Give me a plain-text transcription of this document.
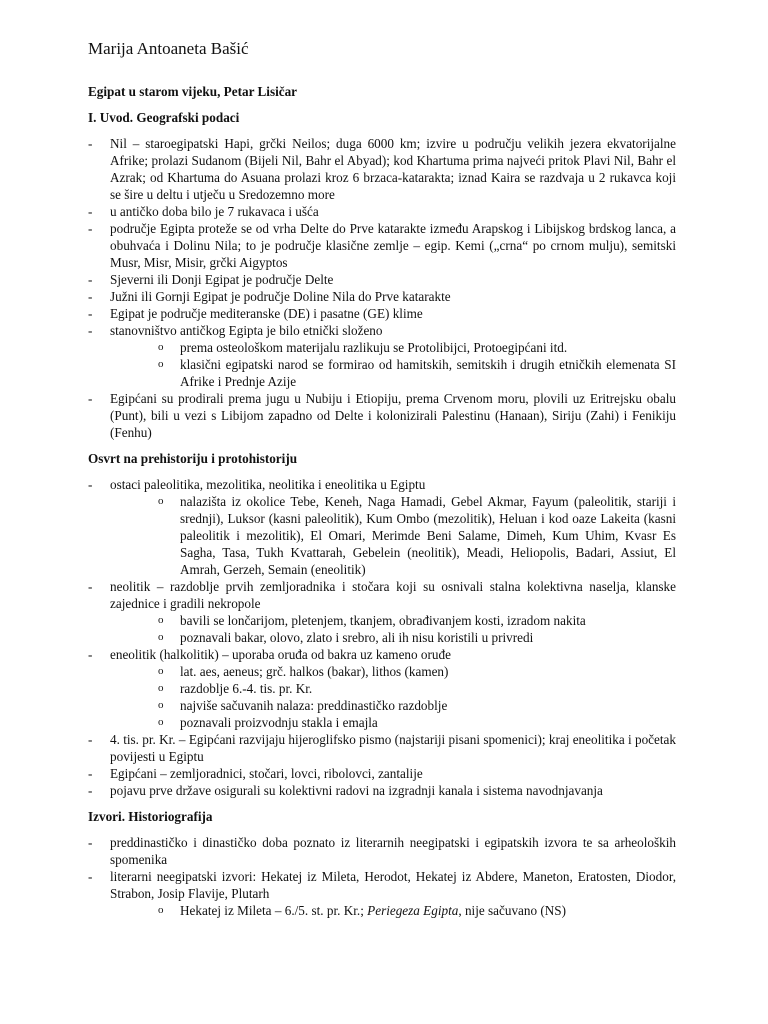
Marija Antoaneta Bašić
Egipat u starom vijeku, Petar Lisičar
I. Uvod. Geografski podaci
- Nil – staroegipatski Hapi, grčki Neilos; duga 6000 km; izvire u području velikih jezera ekvatorijalne Afrike; prolazi Sudanom (Bijeli Nil, Bahr el Abyad); kod Khartuma prima najveći pritok Plavi Nil, Bahr el Azrak; od Khartuma do Asuana prolazi kroz 6 brzaca-katarakta; iznad Kaira se razdvaja u 2 rukavca koji se šire u deltu i utječu u Sredozemno more
- u antičko doba bilo je 7 rukavaca i ušća
- područje Egipta proteže se od vrha Delte do Prve katarakte između Arapskog i Libijskog brdskog lanca, a obuhvaća i Dolinu Nila; to je područje klasične zemlje – egip. Kemi („crna“ po crnom mulju), semitski Musr, Misr, Misir, grčki Aigyptos
- Sjeverni ili Donji Egipat je područje Delte
- Južni ili Gornji Egipat je područje Doline Nila do Prve katarakte
- Egipat je područje mediteranske (DE) i pasatne (GE) klime
- stanovništvo antičkog Egipta je bilo etnički složeno
o prema osteološkom materijalu razlikuju se Protolibijci, Protoegipćani itd.
o klasični egipatski narod se formirao od hamitskih, semitskih i drugih etničkih elemenata SI Afrike i Prednje Azije
- Egipćani su prodirali prema jugu u Nubiju i Etiopiju, prema Crvenom moru, plovili uz Eritrejsku obalu (Punt), bili u vezi s Libijom zapadno od Delte i kolonizirali Palestinu (Hanaan), Siriju (Zahi) i Fenikiju (Fenhu)
Osvrt na prehistoriju i protohistoriju
- ostaci paleolitika, mezolitika, neolitika i eneolitika u Egiptu
o nalazišta iz okolice Tebe, Keneh, Naga Hamadi, Gebel Akmar, Fayum (paleolitik, stariji i srednji), Luksor (kasni paleolitik), Kum Ombo (mezolitik), Heluan i kod oaze Lakeita (kasni paleolitik i mezolitik), El Omari, Merimde Beni Salame, Dimeh, Kum Uhim, Kvasr Es Sagha, Tasa, Tukh Kvattarah, Gebelein (neolitik), Meadi, Heliopolis, Badari, Assiut, El Amrah, Gerzeh, Semain (eneolitik)
- neolitik – razdoblje prvih zemljoradnika i stočara koji su osnivali stalna kolektivna naselja, klanske zajednice i gradili nekropole
o bavili se lončarijom, pletenjem, tkanjem, obrađivanjem kosti, izradom nakita
o poznavali bakar, olovo, zlato i srebro, ali ih nisu koristili u privredi
- eneolitik (halkolitik) – uporaba oruđa od bakra uz kameno oruđe
o lat. aes, aeneus; grč. halkos (bakar), lithos (kamen)
o razdoblje 6.-4. tis. pr. Kr.
o najviše sačuvanih nalaza: preddinastičko razdoblje
o poznavali proizvodnju stakla i emajla
- 4. tis. pr. Kr. – Egipćani razvijaju hijeroglifsko pismo (najstariji pisani spomenici); kraj eneolitika i početak povijesti u Egiptu
- Egipćani – zemljoradnici, stočari, lovci, ribolovci, zantalije
- pojavu prve države osigurali su kolektivni radovi na izgradnji kanala i sistema navodnjavanja
Izvori. Historiografija
- preddinastičko i dinastičko doba poznato iz literarnih neegipatski i egipatskih izvora te sa arheoloških spomenika
- literarni neegipatski izvori: Hekatej iz Mileta, Herodot, Hekatej iz Abdere, Maneton, Eratosten, Diodor, Strabon, Josip Flavije, Plutarh
o Hekatej iz Mileta – 6./5. st. pr. Kr.; Periegeza Egipta, nije sačuvano (NS)
